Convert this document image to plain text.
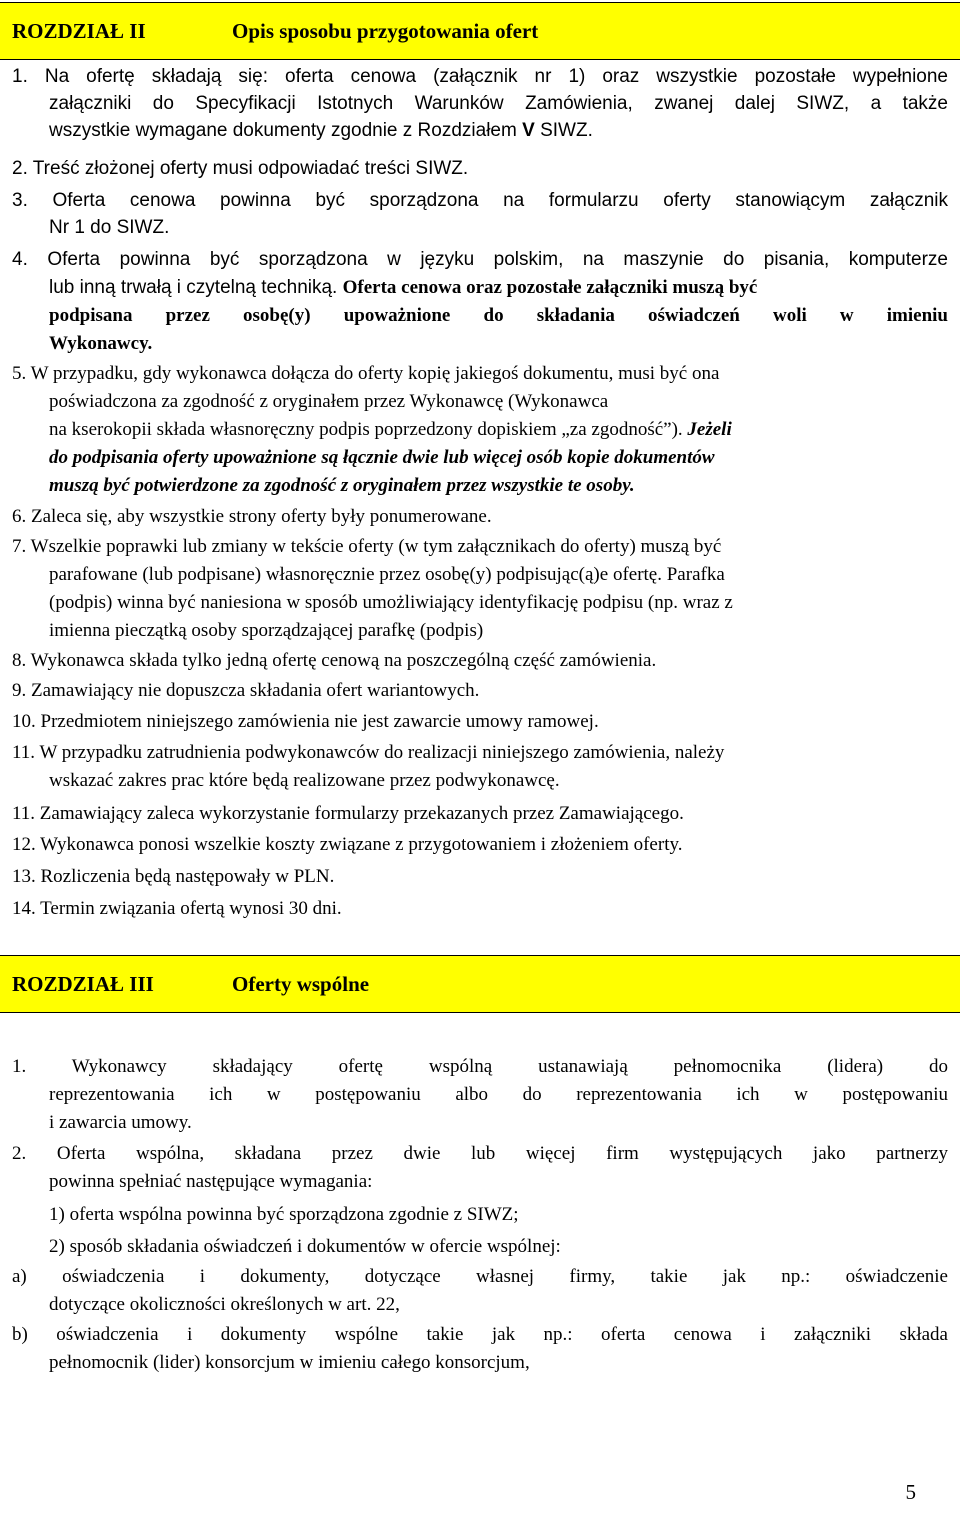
ROZDZIAŁ II	Opis sposobu przygotowania ofert
1. Na ofertę składają się: oferta cenowa (załącznik nr 1) oraz wszystkie pozostałe wypełnione
załączniki do Specyfikacji Istotnych Warunków Zamówienia, zwanej dalej SIWZ, a także
wszystkie wymagane dokumenty zgodnie z Rozdziałem V SIWZ.
2. Treść złożonej oferty musi odpowiadać treści SIWZ.
3. Oferta cenowa powinna być sporządzona na formularzu oferty stanowiącym załącznik
Nr 1 do SIWZ.
4. Oferta powinna być sporządzona w języku polskim, na maszynie do pisania, komputerze
lub inną trwałą i czytelną techniką. Oferta cenowa oraz pozostałe załączniki muszą być
podpisana przez osobę(y) upoważnione do składania oświadczeń woli w imieniu
Wykonawcy.
5. W przypadku, gdy wykonawca dołącza do oferty kopię jakiegoś dokumentu, musi być ona
poświadczona za zgodność z oryginałem przez Wykonawcę (Wykonawca
na kserokopii składa własnoręczny podpis poprzedzony dopiskiem „za zgodność”). Jeżeli
do podpisania oferty upoważnione są łącznie dwie lub więcej osób kopie dokumentów
muszą być potwierdzone za zgodność z oryginałem przez wszystkie te osoby.
6. Zaleca się, aby wszystkie strony oferty były ponumerowane.
7. Wszelkie poprawki lub zmiany w tekście oferty (w tym załącznikach do oferty) muszą być
parafowane (lub podpisane) własnoręcznie przez osobę(y) podpisując(ą)e ofertę. Parafka
(podpis) winna być naniesiona w sposób umożliwiający identyfikację podpisu (np. wraz z
imienna pieczątką osoby sporządzającej parafkę (podpis)
8. Wykonawca składa tylko jedną ofertę cenową na poszczególną część zamówienia.
9. Zamawiający nie dopuszcza składania ofert wariantowych.
10. Przedmiotem niniejszego zamówienia nie jest zawarcie umowy ramowej.
11. W przypadku zatrudnienia podwykonawców do realizacji niniejszego zamówienia, należy
wskazać zakres prac które będą realizowane przez podwykonawcę.
11. Zamawiający zaleca wykorzystanie formularzy przekazanych przez Zamawiającego.
12. Wykonawca ponosi wszelkie koszty związane z przygotowaniem i złożeniem oferty.
13. Rozliczenia będą następowały w PLN.
14. Termin związania ofertą wynosi 30 dni.
ROZDZIAŁ III	Oferty wspólne
1. Wykonawcy składający ofertę wspólną ustanawiają pełnomocnika (lidera) do
reprezentowania ich w postępowaniu albo do reprezentowania ich w postępowaniu
i zawarcia umowy.
2. Oferta wspólna, składana przez dwie lub więcej firm występujących jako partnerzy
powinna spełniać następujące wymagania:
1) oferta wspólna powinna być sporządzona zgodnie z SIWZ;
2) sposób składania oświadczeń i dokumentów w ofercie wspólnej:
a) oświadczenia i dokumenty, dotyczące własnej firmy, takie jak np.: oświadczenie
dotyczące okoliczności określonych w art. 22,
b) oświadczenia i dokumenty wspólne takie jak np.: oferta cenowa i załączniki składa
pełnomocnik (lider) konsorcjum w imieniu całego konsorcjum,
5
